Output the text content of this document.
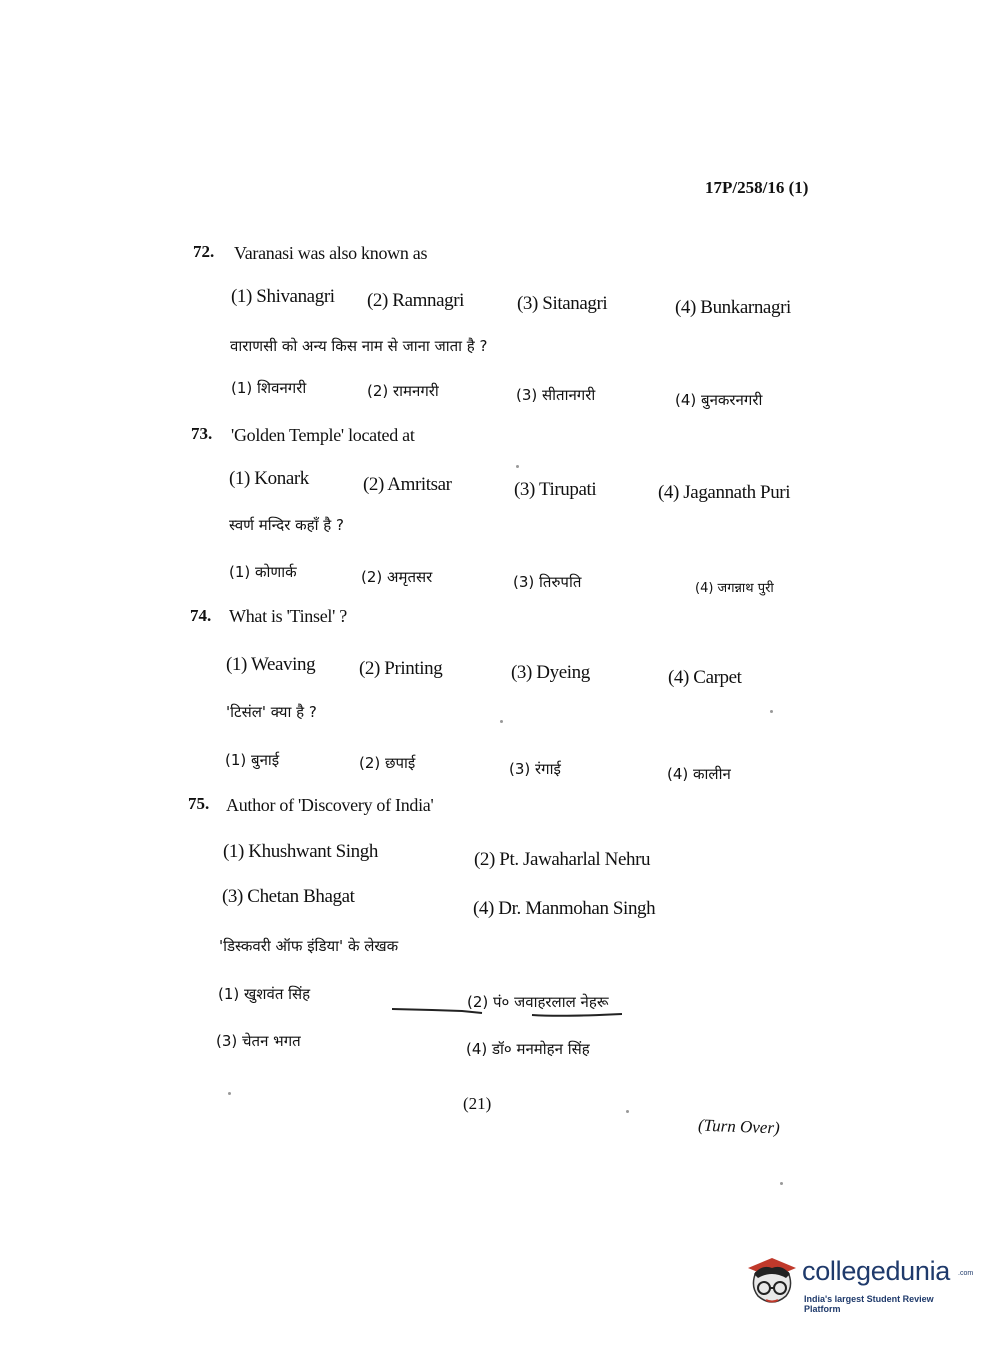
17P/258/16 (1)
72. Varanasi was also known as
(1) Shivanagri (2) Ramnagri	(3) Sitanagri	(4) Bunkarnagri
वाराणसी को अन्य किस नाम से जाना जाता है ?
(1) शिवनगरी	(2) रामनगरी	(3) सीतानगरी	(4) बुनकरनगरी
73. 'Golden Temple' located at
(1) Konark	(2) Amritsar	(3) Tirupati	(4) Jagannath Puri
स्वर्ण मन्दिर कहाँ है ?
(1) कोणार्क	(2) अमृतसर	(3) तिरुपति	(4) जगन्नाथ पुरी
74. What is 'Tinsel' ?
(1) Weaving (2) Printing	(3) Dyeing	(4) Carpet
'टिसंल' क्या है ?
(1) बुनाई	(2) छपाई	(3) रंगाई	(4) कालीन
75. Author of 'Discovery of India'
(1) Khushwant Singh	(2) Pt. Jawaharlal Nehru
(3) Chetan Bhagat
(4) Dr. Manmohan Singh
'डिस्कवरी ऑफ इंडिया' के लेखक
(1) खुशवंत सिंह	(2) पं० जवाहरलाल नेहरू
(3) चेतन भगत	(4) डॉ० मनमोहन सिंह
(21)
(Turn Over)
collegedunia .com
India's largest Student Review Platform
